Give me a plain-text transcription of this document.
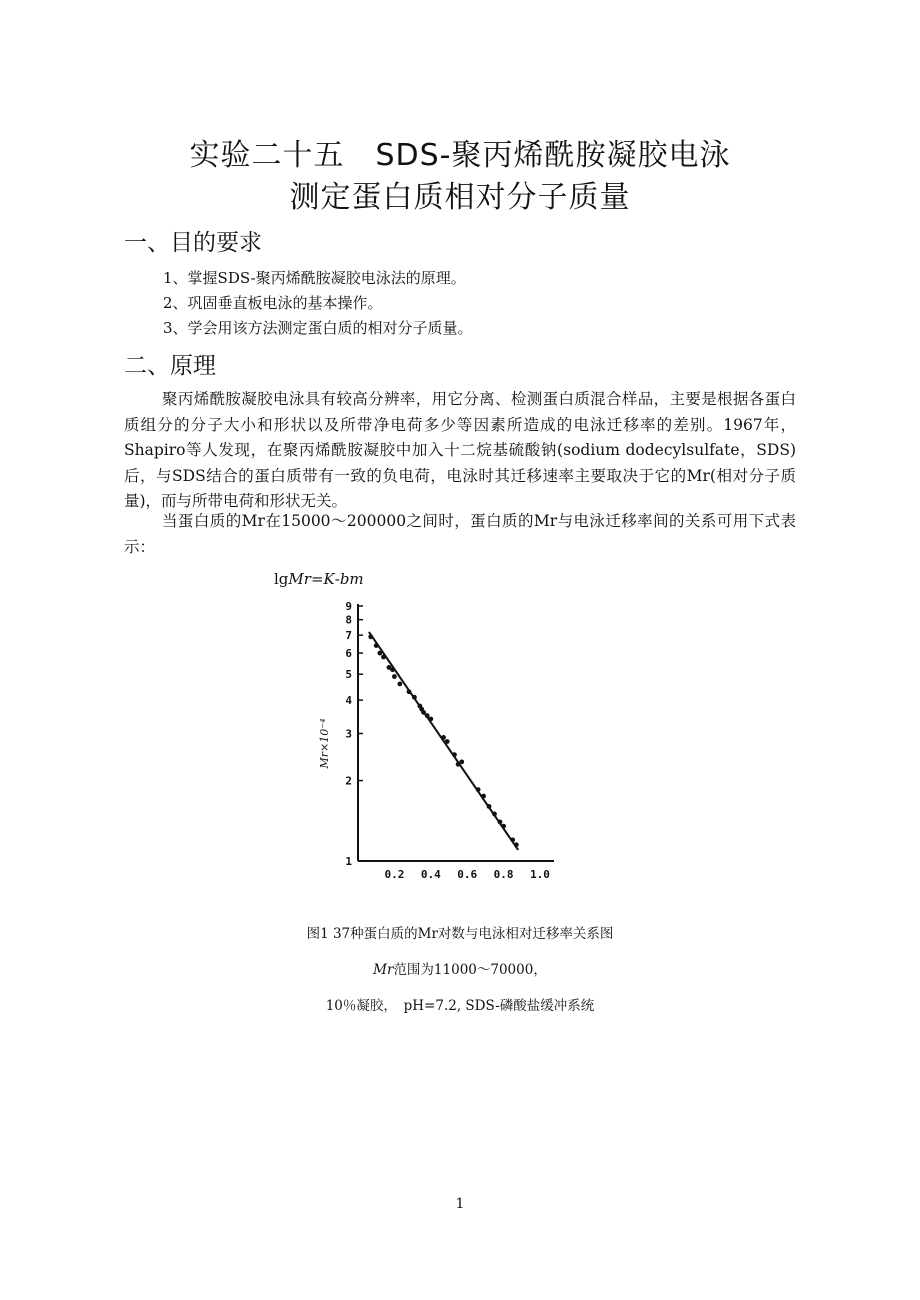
实验二十五　SDS-聚丙烯酰胺凝胶电泳
测定蛋白质相对分子质量
一、目的要求
1、掌握SDS-聚丙烯酰胺凝胶电泳法的原理。
2、巩固垂直板电泳的基本操作。
3、学会用该方法测定蛋白质的相对分子质量。
二、原理

聚丙烯酰胺凝胶电泳具有较高分辨率，用它分离、检测蛋白质混合样品，主要是根据各蛋白质组分的分子大小和形状以及所带净电荷多少等因素所造成的电泳迁移率的差别。1967年，Shapiro等人发现，在聚丙烯酰胺凝胶中加入十二烷基硫酸钠(sodium dodecylsulfate，SDS)后，与SDS结合的蛋白质带有一致的负电荷，电泳时其迁移速率主要取决于它的Mr(相对分子质量)，而与所带电荷和形状无关。

当蛋白质的Mr在15000～200000之间时，蛋白质的Mr与电泳迁移率间的关系可用下式表示：

lgMr=K-bm
1
2
3
4
5
6
7
8
9
0.2 0.4 0.6 0.8 1.0
Mr×10⁻⁴
图1 37种蛋白质的Mr对数与电泳相对迁移率关系图
Mr范围为11000～70000，
10％凝胶，　pH=7.2, SDS-磷酸盐缓冲系统
1
